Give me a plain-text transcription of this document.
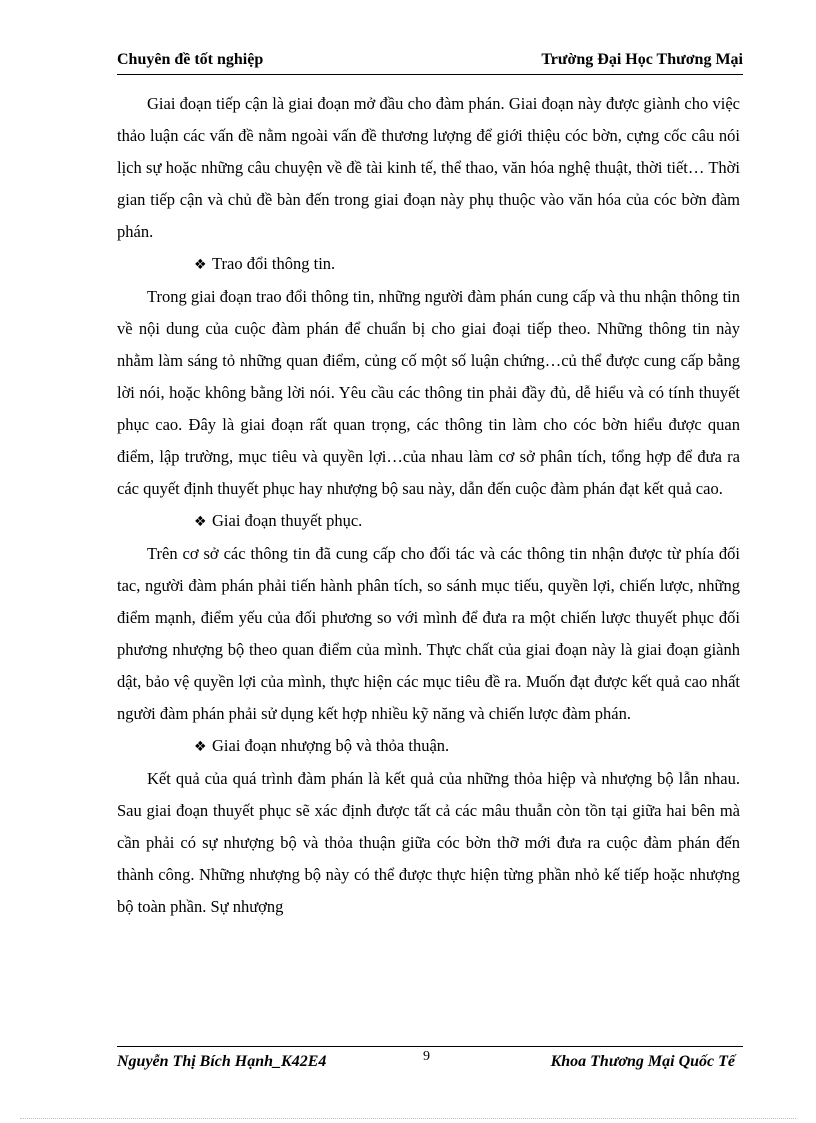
Chuyên đề tốt nghiệp	Trường Đại Học Thương Mại

Giai đoạn tiếp cận là giai đoạn mở đầu cho đàm phán. Giai đoạn này được giành cho việc thảo luận các vấn đề nằm ngoài vấn đề thương lượng để giới thiệu cóc bờn, cựng cốc câu nói lịch sự hoặc những câu chuyện về đề tài kinh tế, thể thao, văn hóa nghệ thuật, thời tiết… Thời gian tiếp cận và chủ đề bàn đến trong giai đoạn này phụ thuộc vào văn hóa của cóc bờn đàm phán.

❖ Trao đổi thông tin.

Trong giai đoạn trao đổi thông tin, những người đàm phán cung cấp và thu nhận thông tin về nội dung của cuộc đàm phán để chuẩn bị cho giai đoại tiếp theo. Những thông tin này nhằm làm sáng tỏ những quan điểm, củng cố một số luận chứng…củ thể được cung cấp bằng lời nói, hoặc không bằng lời nói. Yêu cầu các thông tin phải đầy đủ, dễ hiểu và có tính thuyết phục cao. Đây là giai đoạn rất quan trọng, các thông tin làm cho cóc bờn hiểu được quan điểm, lập trường, mục tiêu và quyền lợi…của nhau làm cơ sở phân tích, tổng hợp để đưa ra các quyết định thuyết phục hay nhượng bộ sau này, dẫn đến cuộc đàm phán đạt kết quả cao.

❖ Giai đoạn thuyết phục.

Trên cơ sở các thông tin đã cung cấp cho đối tác và các thông tin nhận được từ phía đối tac, người đàm phán phải tiến hành phân tích, so sánh mục tiếu, quyền lợi, chiến lược, những điểm mạnh, điểm yếu của đối phương so với mình để đưa ra một chiến lược thuyết phục đối phương nhượng bộ theo quan điểm của mình. Thực chất của giai đoạn này là giai đoạn giành dật, bảo vệ quyền lợi của mình, thực hiện các mục tiêu đề ra. Muốn đạt được kết quả cao nhất người đàm phán phải sử dụng kết hợp nhiều kỹ năng và chiến lược đàm phán.

❖ Giai đoạn nhượng bộ và thỏa thuận.

Kết quả của quá trình đàm phán là kết quả của những thỏa hiệp và nhượng bộ lẫn nhau. Sau giai đoạn thuyết phục sẽ xác định được tất cả các mâu thuẫn còn tồn tại giữa hai bên mà cần phải có sự nhượng bộ và thỏa thuận giữa cóc bờn thỡ mới đưa ra cuộc đàm phán đến thành công. Những nhượng bộ này có thể được thực hiện từng phần nhỏ kế tiếp hoặc nhượng bộ toàn phần. Sự nhượng

Nguyễn Thị Bích Hạnh_K42E4	9	Khoa Thương Mại Quốc Tế
